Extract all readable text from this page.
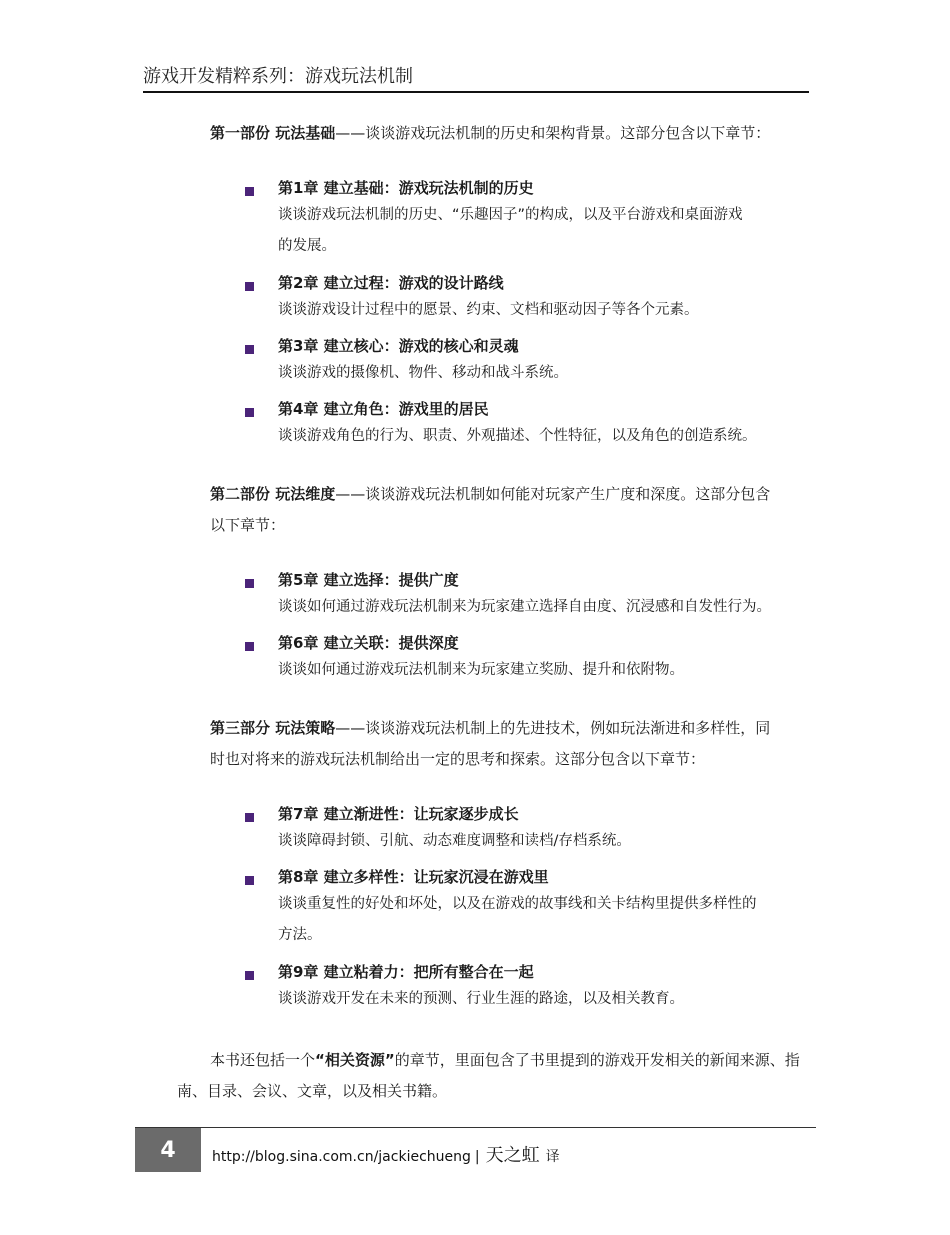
游戏开发精粹系列：游戏玩法机制
第一部份 玩法基础——谈谈游戏玩法机制的历史和架构背景。这部分包含以下章节：
第1章 建立基础：游戏玩法机制的历史
谈谈游戏玩法机制的历史、“乐趣因子”的构成，以及平台游戏和桌面游戏
的发展。
第2章 建立过程：游戏的设计路线
谈谈游戏设计过程中的愿景、约束、文档和驱动因子等各个元素。
第3章 建立核心：游戏的核心和灵魂
谈谈游戏的摄像机、物件、移动和战斗系统。
第4章 建立角色：游戏里的居民
谈谈游戏角色的行为、职责、外观描述、个性特征，以及角色的创造系统。
第二部份 玩法维度——谈谈游戏玩法机制如何能对玩家产生广度和深度。这部分包含
以下章节：
第5章 建立选择：提供广度
谈谈如何通过游戏玩法机制来为玩家建立选择自由度、沉浸感和自发性行为。
第6章 建立关联：提供深度
谈谈如何通过游戏玩法机制来为玩家建立奖励、提升和依附物。
第三部分 玩法策略——谈谈游戏玩法机制上的先进技术，例如玩法渐进和多样性，同
时也对将来的游戏玩法机制给出一定的思考和探索。这部分包含以下章节：
第7章 建立渐进性：让玩家逐步成长
谈谈障碍封锁、引航、动态难度调整和读档/存档系统。
第8章 建立多样性：让玩家沉浸在游戏里
谈谈重复性的好处和坏处，以及在游戏的故事线和关卡结构里提供多样性的
方法。
第9章 建立粘着力：把所有整合在一起
谈谈游戏开发在未来的预测、行业生涯的路途，以及相关教育。
本书还包括一个“相关资源”的章节，里面包含了书里提到的游戏开发相关的新闻来源、指南、目录、会议、文章，以及相关书籍。
4	http://blog.sina.com.cn/jackiechueng | 天之虹 译
